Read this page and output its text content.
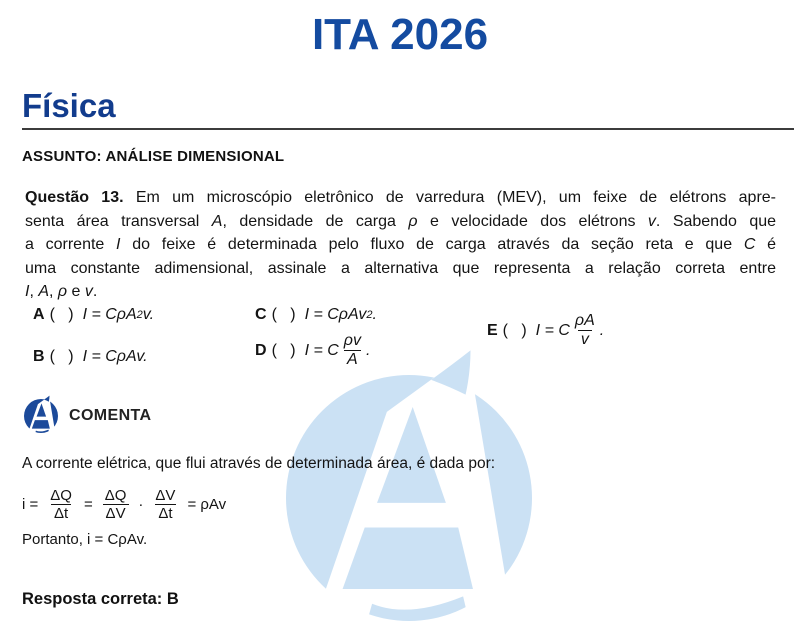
ITA 2026
Física
ASSUNTO: ANÁLISE DIMENSIONAL
Questão 13. Em um microscópio eletrônico de varredura (MEV), um feixe de elétrons apre-
senta área transversal A, densidade de carga ρ e velocidade dos elétrons v. Sabendo que
a corrente I do feixe é determinada pelo fluxo de carga através da seção reta e que C é
uma constante adimensional, assinale a alternativa que representa a relação correta entre
I, A, ρ e v.
A (   ) I = CρA 2 v.
B (   ) I = CρAv.
C (   ) I = CρAv 2 .
D (   ) I = C $\frac{\rho v}{A}$ .
E (   ) I = C $\frac{\rho A}{v}$ .
COMENTA
A corrente elétrica, que flui através de determinada área, é dada por:
$i = \frac{\Delta Q}{\Delta t} = \frac{\Delta Q}{\Delta V} \cdot \frac{\Delta V}{\Delta t} = \rho Av$
Portanto, i = CρAv.
Resposta correta: B
